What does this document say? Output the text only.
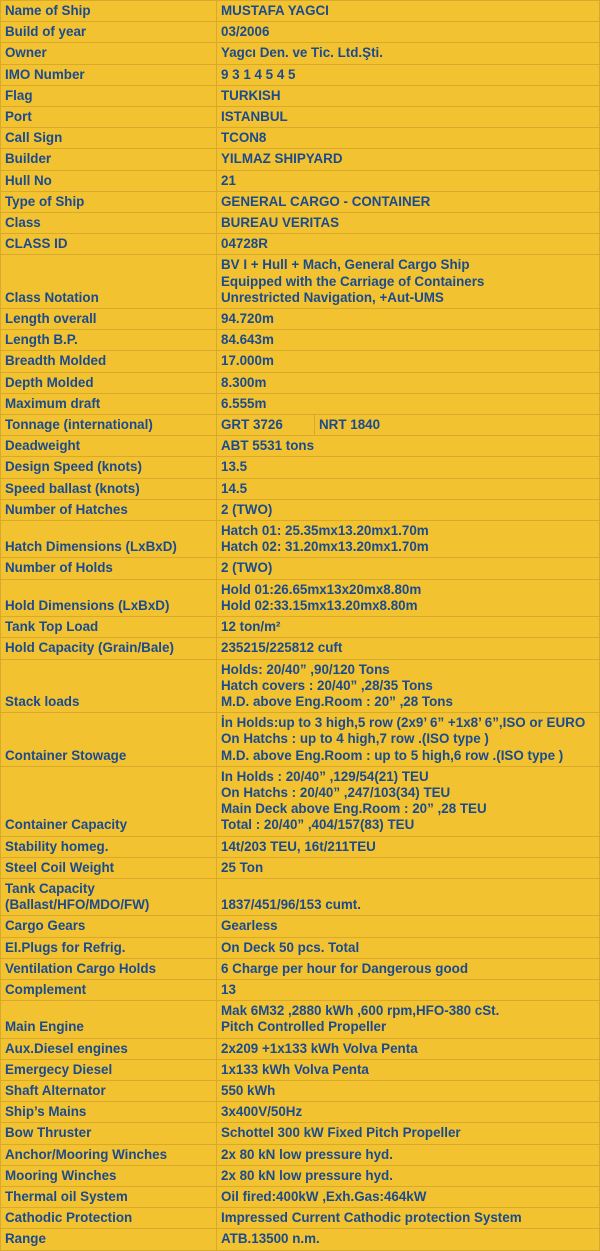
Name of Ship	MUSTAFA YAGCI

Build of year	03/2006

Owner	Yagcı Den. ve Tic. Ltd.Şti.

IMO Number	9 3 1 4 5 4 5

Flag	TURKISH

Port	ISTANBUL

Call Sign	TCON8

Builder	YILMAZ SHIPYARD

Hull No	21

Type of Ship	GENERAL CARGO - CONTAINER

Class	BUREAU VERITAS

CLASS ID	04728R

Class Notation	BV I + Hull + Mach, General Cargo Ship
Equipped with the Carriage of Containers
Unrestricted Navigation, +Aut-UMS

Length overall	94.720m

Length B.P.	84.643m

Breadth Molded	17.000m

Depth Molded	8.300m

Maximum draft	6.555m

Tonnage (international)	GRT 3726 NRT 1840

Deadweight	ABT 5531 tons

Design Speed (knots)	13.5

Speed ballast (knots)	14.5

Number of Hatches	2 (TWO)

Hatch Dimensions (LxBxD)	Hatch 01: 25.35mx13.20mx1.70m
Hatch 02: 31.20mx13.20mx1.70m

Number of Holds	2 (TWO)

Hold Dimensions (LxBxD)	Hold 01:26.65mx13x20mx8.80m
Hold 02:33.15mx13.20mx8.80m

Tank Top Load	12 ton/m²

Hold Capacity (Grain/Bale)	235215/225812 cuft

Stack loads	Holds: 20/40” ,90/120 Tons
Hatch covers : 20/40” ,28/35 Tons
M.D. above Eng.Room : 20” ,28 Tons

Container Stowage	İn Holds:up to 3 high,5 row (2x9’ 6” +1x8’ 6”,ISO or EURO
On Hatchs : up to 4 high,7 row .(ISO type )
M.D. above Eng.Room : up to 5 high,6 row .(ISO type )

Container Capacity	In Holds : 20/40” ,129/54(21) TEU
On Hatchs : 20/40” ,247/103(34) TEU
Main Deck above Eng.Room : 20” ,28 TEU
Total : 20/40” ,404/157(83) TEU

Stability homeg.	14t/203 TEU, 16t/211TEU

Steel Coil Weight	25 Ton

Tank Capacity
(Ballast/HFO/MDO/FW)	1837/451/96/153 cumt.

Cargo Gears	Gearless

El.Plugs for Refrig.	On Deck 50 pcs. Total

Ventilation Cargo Holds	6 Charge per hour for Dangerous good

Complement	13

Main Engine	Mak 6M32 ,2880 kWh ,600 rpm,HFO-380 cSt.
Pitch Controlled Propeller

Aux.Diesel engines	2x209 +1x133 kWh Volva Penta

Emergecy Diesel	1x133 kWh Volva Penta

Shaft Alternator	550 kWh

Ship’s Mains	3x400V/50Hz

Bow Thruster	Schottel 300 kW Fixed Pitch Propeller

Anchor/Mooring Winches	2x 80 kN low pressure hyd.

Mooring Winches	2x 80 kN low pressure hyd.

Thermal oil System	Oil fired:400kW ,Exh.Gas:464kW

Cathodic Protection	Impressed Current Cathodic protection System

Range	ATB.13500 n.m.
